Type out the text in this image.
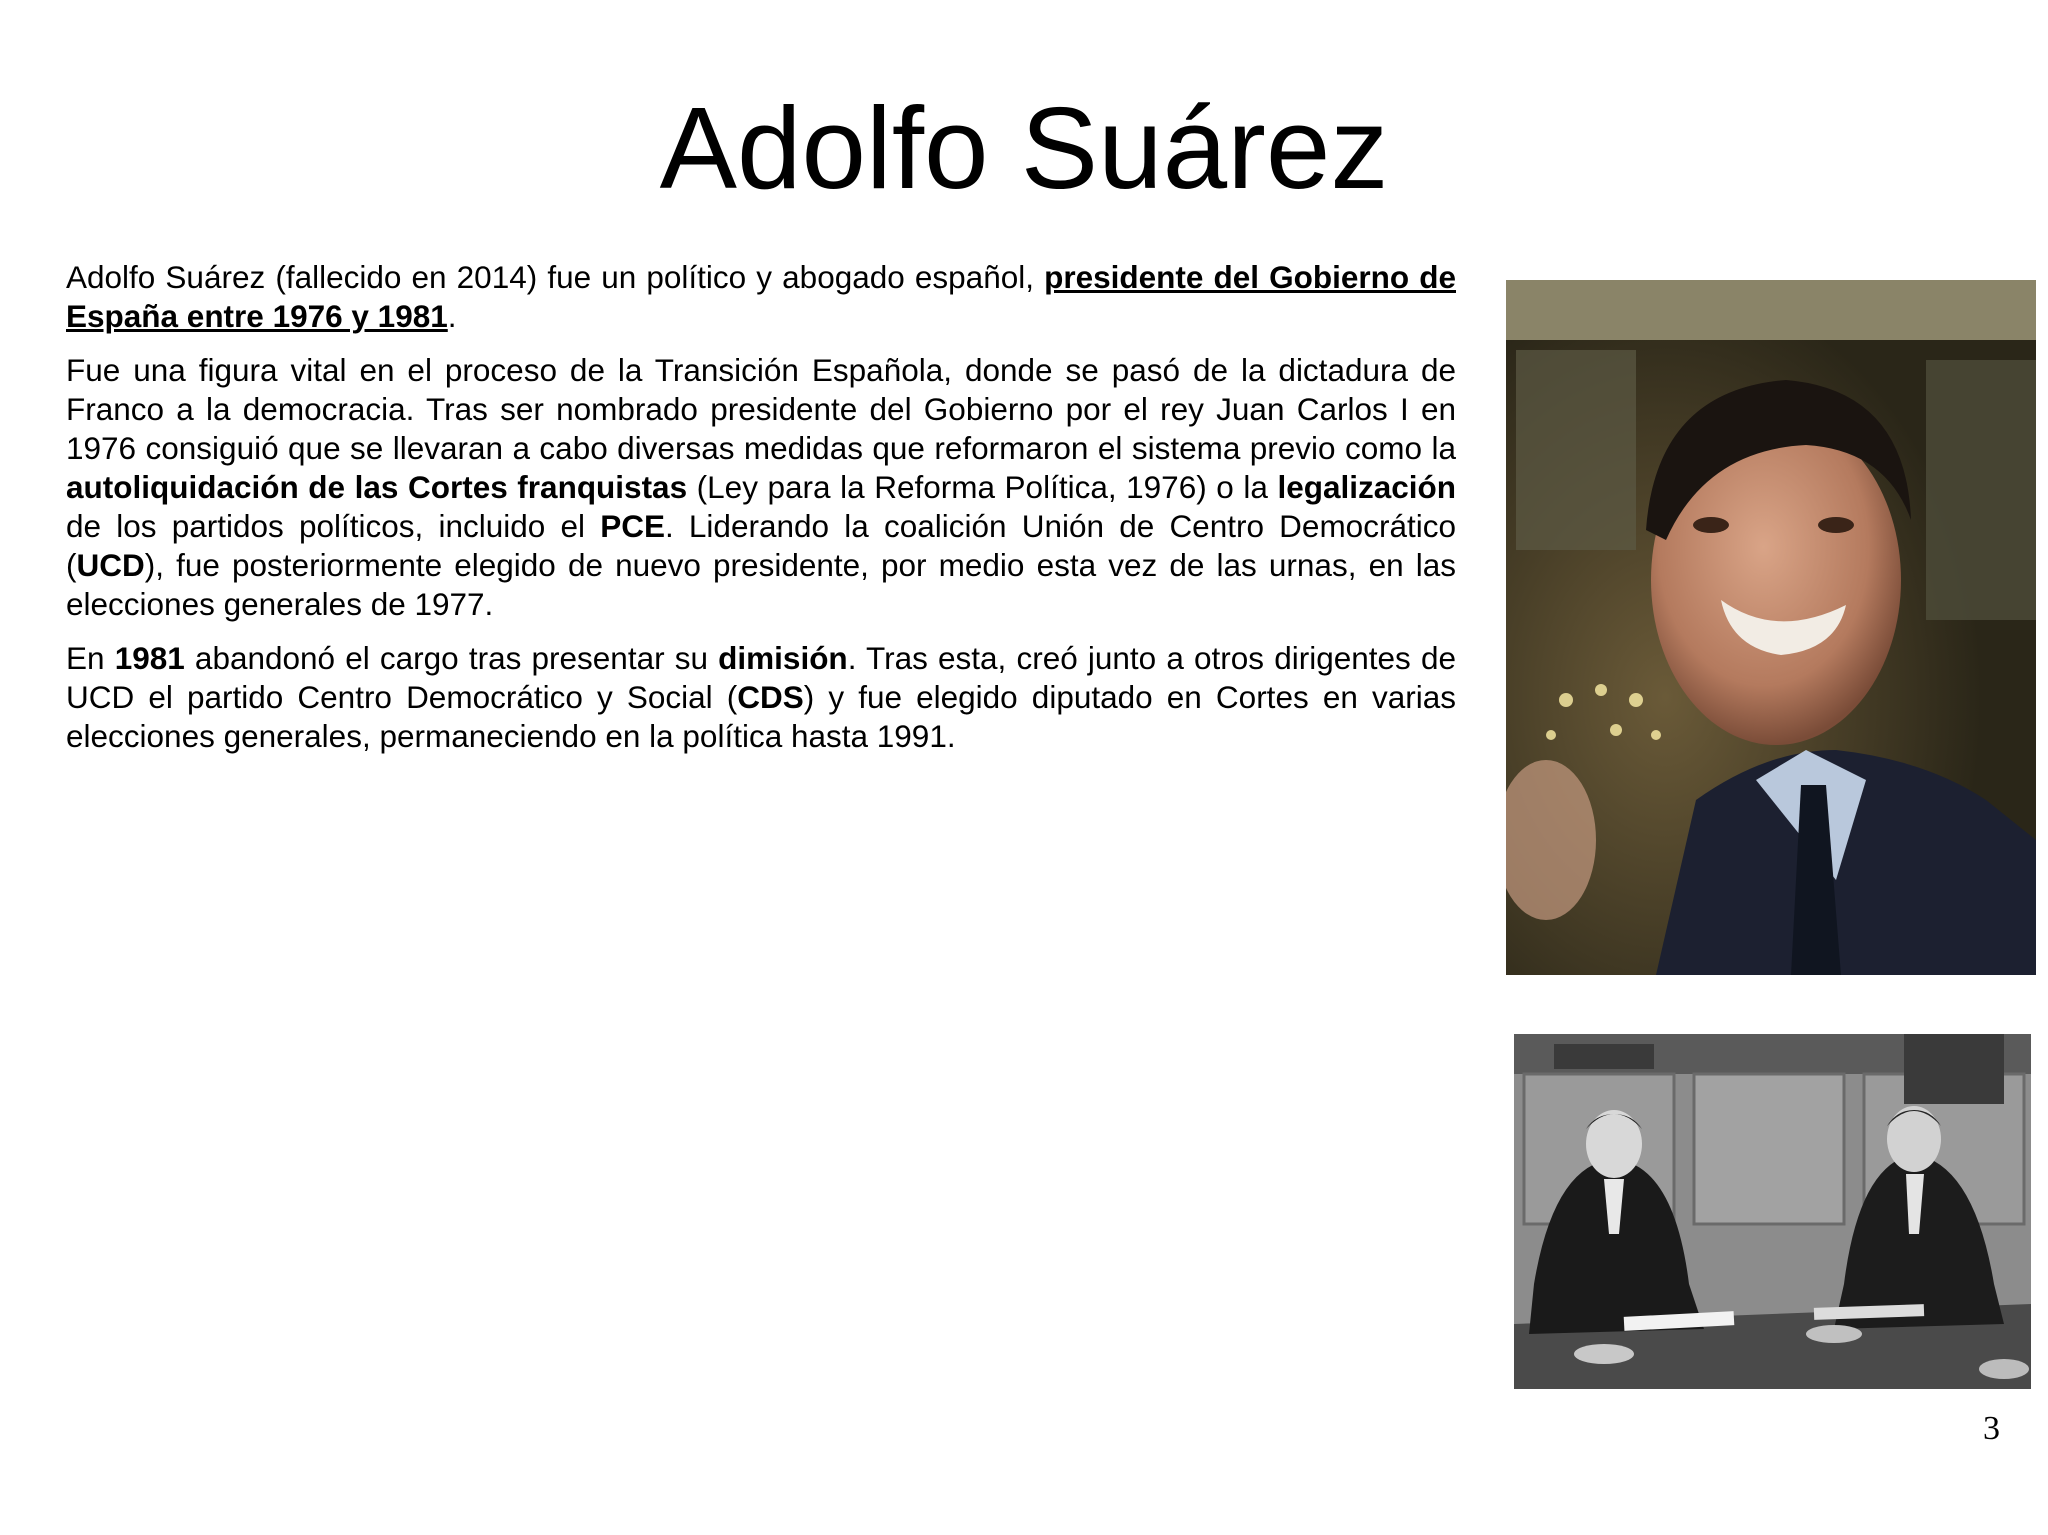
Adolfo Suárez

Adolfo Suárez (fallecido en 2014) fue un político y abogado español, presidente del Gobierno de España entre 1976 y 1981.

Fue una figura vital en el proceso de la Transición Española, donde se pasó de la dictadura de Franco a la democracia. Tras ser nombrado presidente del Gobierno por el rey Juan Carlos I en 1976 consiguió que se llevaran a cabo diversas medidas que reformaron el sistema previo como la autoliquidación de las Cortes franquistas (Ley para la Reforma Política, 1976) o la legalización de los partidos políticos, incluido el PCE. Liderando la coalición Unión de Centro Democrático (UCD), fue posteriormente elegido de nuevo presidente, por medio esta vez de las urnas, en las elecciones generales de 1977.

En 1981 abandonó el cargo tras presentar su dimisión. Tras esta, creó junto a otros dirigentes de UCD el partido Centro Democrático y Social (CDS) y fue elegido diputado en Cortes en varias elecciones generales, permaneciendo en la política hasta 1991.

3
